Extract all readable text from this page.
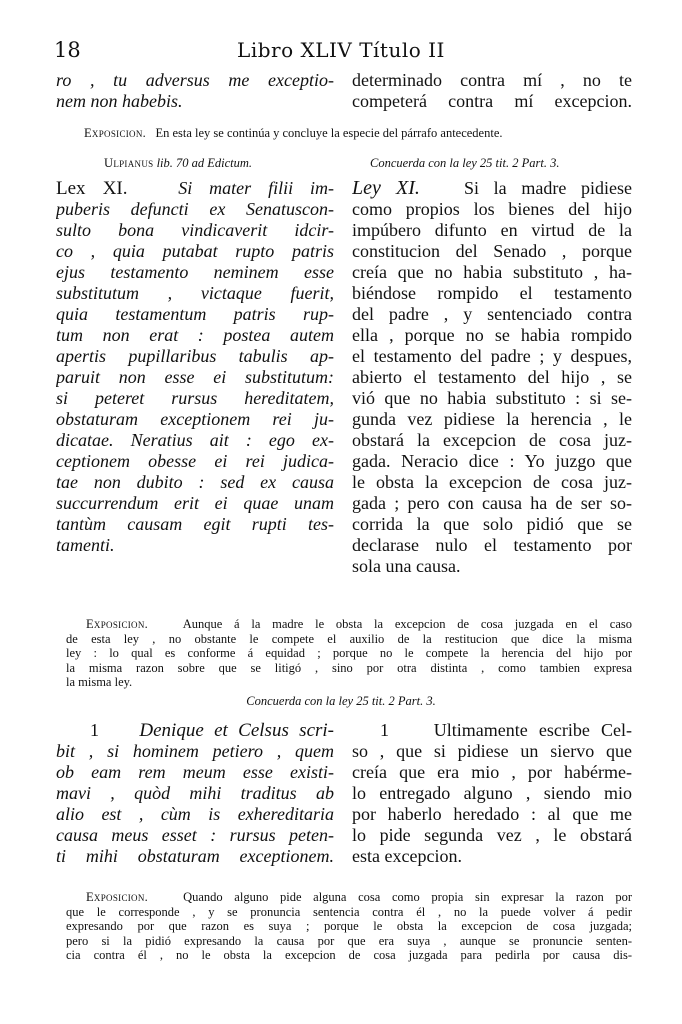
18	Libro XLIV Título II
ro , tu adversus me exceptio-
nem non habebis.
determinado contra mí , no te
competerá contra mí excepcion.
Exposicion. En esta ley se continúa y concluye la especie del párrafo antecedente.
Ulpianus lib. 70 ad Edictum.	Concuerda con la ley 25 tit. 2 Part. 3.
Lex XI.	Si mater filii im-
puberis defuncti ex Senatuscon-
sulto bona vindicaverit idcir-
co , quia putabat rupto patris
ejus testamento neminem esse
substitutum , victaque fuerit,
quia testamentum patris rup-
tum non erat : postea autem
apertis pupillaribus tabulis ap-
paruit non esse ei substitutum:
si peteret rursus hereditatem,
obstaturam exceptionem rei ju-
dicatae. Neratius ait : ego ex-
ceptionem obesse ei rei judica-
tae non dubito : sed ex causa
succurrendum erit ei quae unam
tantùm causam egit rupti tes-
tamenti.
Ley XI. Si la madre pidiese
como propios los bienes del hijo
impúbero difunto en virtud de la
constitucion del Senado , porque
creía que no habia substituto , ha-
biéndose rompido el testamento
del padre , y sentenciado contra
ella , porque no se habia rompido
el testamento del padre ; y despues,
abierto el testamento del hijo , se
vió que no habia substituto : si se-
gunda vez pidiese la herencia , le
obstará la excepcion de cosa juz-
gada. Neracio dice : Yo juzgo que
le obsta la excepcion de cosa juz-
gada ; pero con causa ha de ser so-
corrida la que solo pidió que se
declarase nulo el testamento por
sola una causa.
Exposicion.	Aunque á la madre le obsta la excepcion de cosa juzgada en el caso
de esta ley , no obstante le compete el auxilio de la restitucion que dice la misma
ley : lo qual es conforme á equidad ; porque no le compete la herencia del hijo por
la misma razon sobre que se litigó , sino por otra distinta , como tambien expresa
la misma ley.
Concuerda con la ley 25 tit. 2 Part. 3.
1 Denique et Celsus scri-
bit , si hominem petiero , quem
ob eam rem meum esse existi-
mavi , quòd mihi traditus ab
alio est , cùm is exhereditaria
causa meus esset : rursus peten-
ti mihi obstaturam exceptionem.
1 Ultimamente escribe Cel-
so , que si pidiese un siervo que
creía que era mio , por habérme-
lo entregado alguno , siendo mio
por haberlo heredado : al que me
lo pide segunda vez , le obstará
esta excepcion.
Exposicion.	Quando alguno pide alguna cosa como propia sin expresar la razon por
que le corresponde , y se pronuncia sentencia contra él , no la puede volver á pedir
expresando por que razon es suya ; porque le obsta la excepcion de cosa juzgada;
pero si la pidió expresando la causa por que era suya , aunque se pronuncie senten-
cia contra él , no le obsta la excepcion de cosa juzgada para pedirla por causa dis-
